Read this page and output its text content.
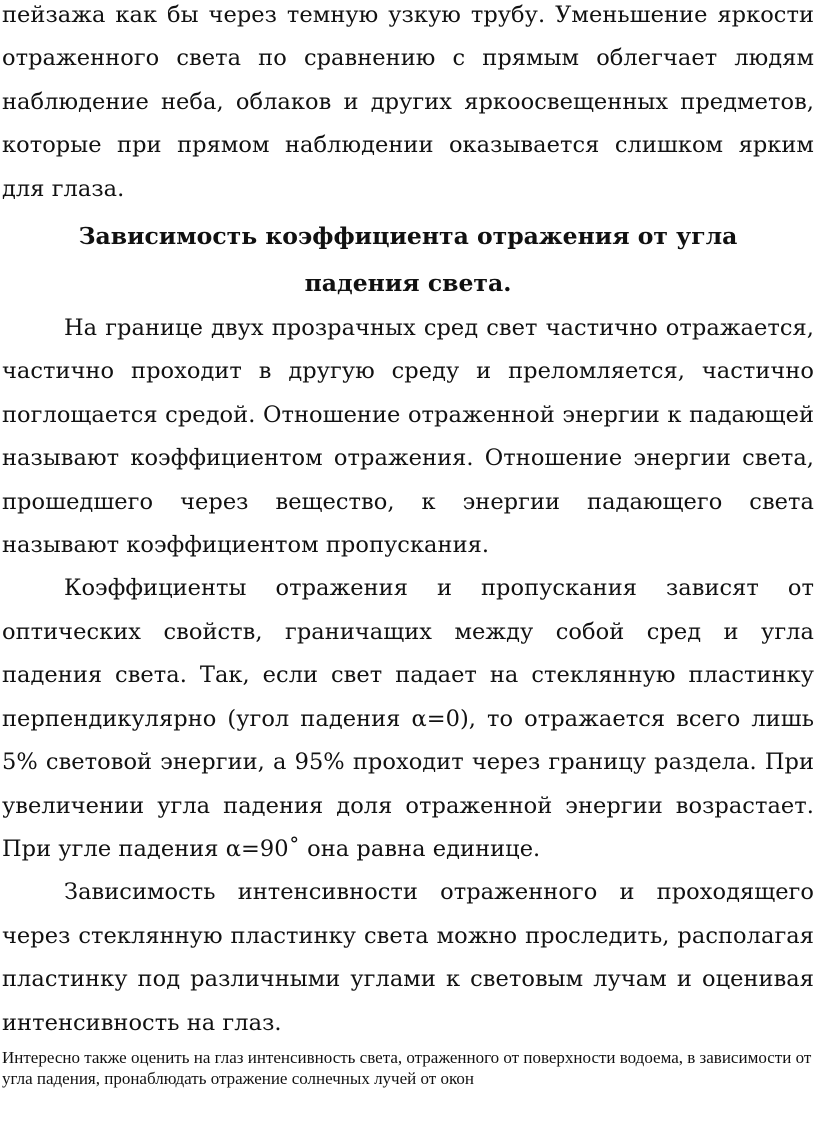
пейзажа как бы через темную узкую трубу. Уменьшение яркости отраженного света по сравнению с прямым облегчает людям наблюдение неба, облаков и других яркоосвещенных предметов, которые при прямом наблюдении оказывается слишком ярким для глаза.

Зависимость коэффициента отражения от угла падения света.

На границе двух прозрачных сред свет частично отражается, частично проходит в другую среду и преломляется, частично поглощается средой. Отношение отраженной энергии к падающей называют коэффициентом отражения. Отношение энергии света, прошедшего через вещество, к энергии падающего света называют коэффициентом пропускания.

Коэффициенты отражения и пропускания зависят от оптических свойств, граничащих между собой сред и угла падения света. Так, если свет падает на стеклянную пластинку перпендикулярно (угол падения α=0), то отражается всего лишь 5% световой энергии, а 95% проходит через границу раздела. При увеличении угла падения доля отраженной энергии возрастает. При угле падения α=90˚ она равна единице.

Зависимость интенсивности отраженного и проходящего через стеклянную пластинку света можно проследить, располагая пластинку под различными углами к световым лучам и оценивая интенсивность на глаз.

Интересно также оценить на глаз интенсивность света, отраженного от поверхности водоема, в зависимости от угла падения, пронаблюдать отражение солнечных лучей от окон
